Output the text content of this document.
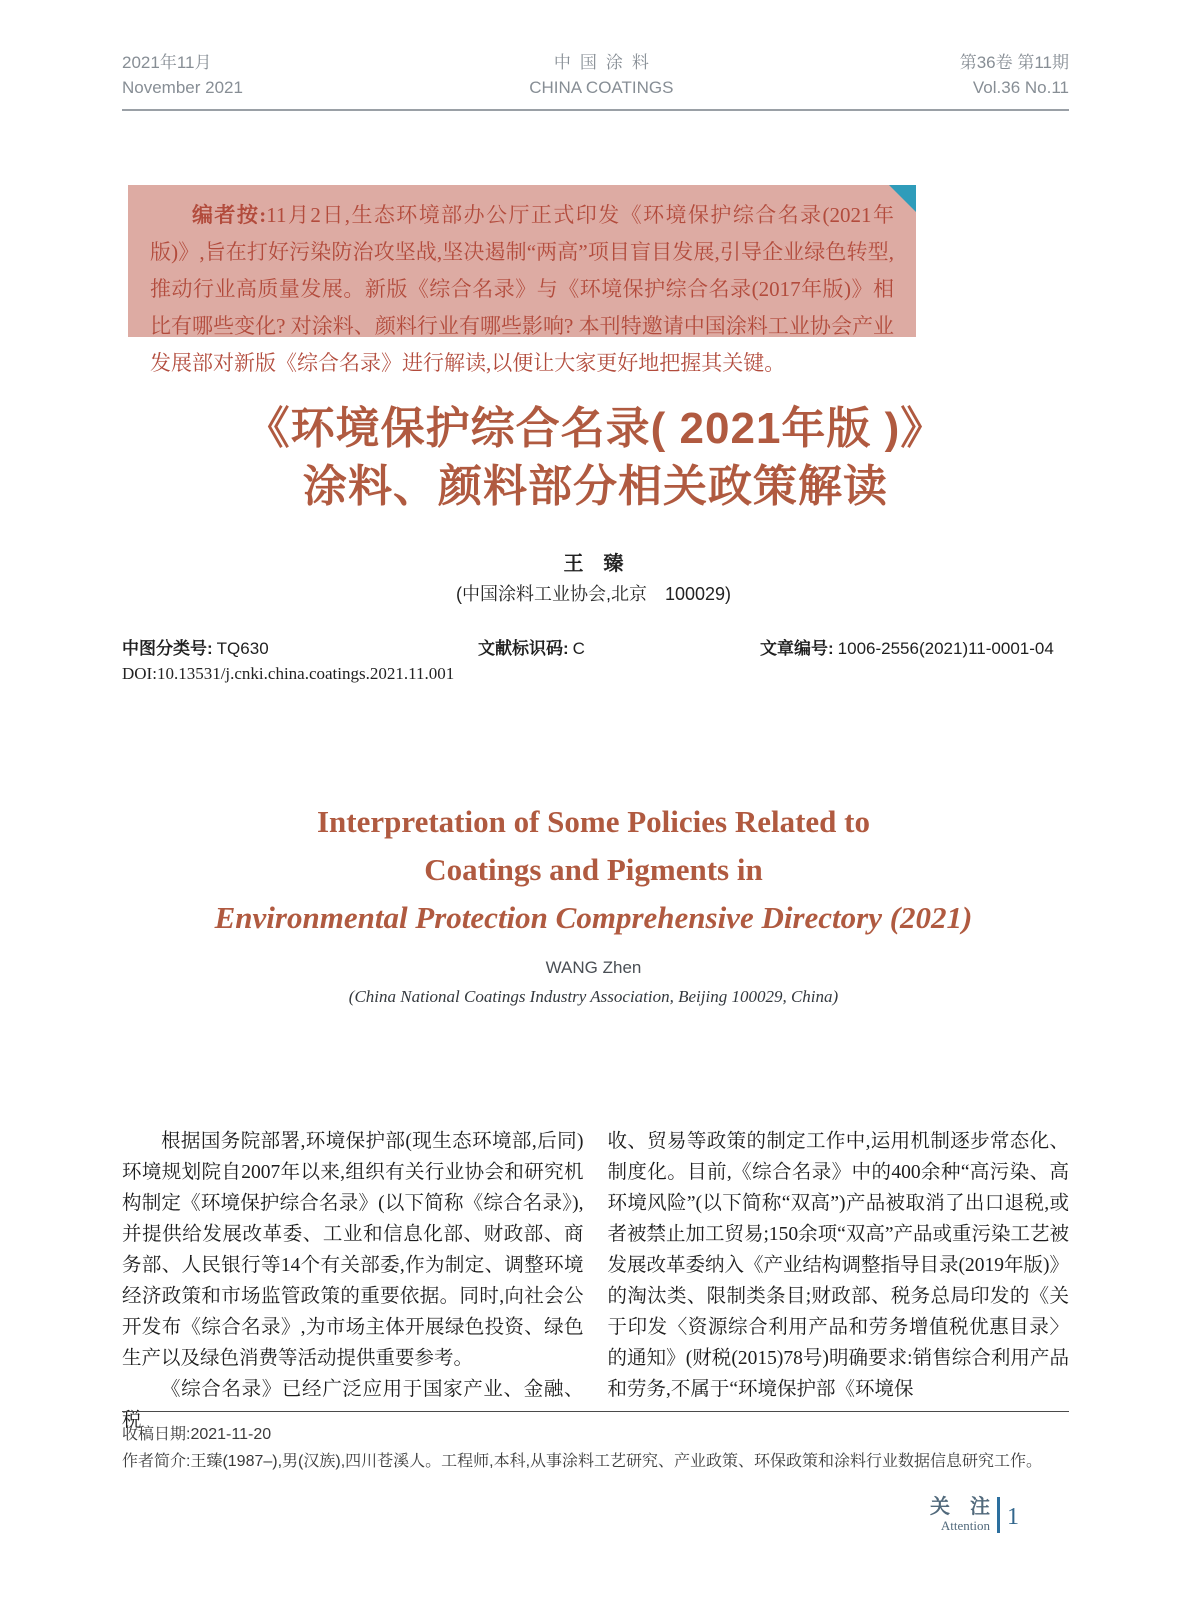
2021年11月
November 2021
中国涂料
CHINA COATINGS
第36卷 第11期
Vol.36 No.11

编者按:11月2日,生态环境部办公厅正式印发《环境保护综合名录(2021年版)》,旨在打好污染防治攻坚战,坚决遏制“两高”项目盲目发展,引导企业绿色转型,推动行业高质量发展。新版《综合名录》与《环境保护综合名录(2017年版)》相比有哪些变化? 对涂料、颜料行业有哪些影响? 本刊特邀请中国涂料工业协会产业发展部对新版《综合名录》进行解读,以便让大家更好地把握其关键。

《环境保护综合名录( 2021年版 )》
涂料、颜料部分相关政策解读
王　臻
(中国涂料工业协会,北京　100029)
中图分类号: TQ630	文献标识码: C	文章编号: 1006-2556(2021)11-0001-04
DOI:10.13531/j.cnki.china.coatings.2021.11.001
Interpretation of Some Policies Related to
Coatings and Pigments in
Environmental Protection Comprehensive Directory (2021)
WANG Zhen
(China National Coatings Industry Association, Beijing 100029, China)

根据国务院部署,环境保护部(现生态环境部,后同)环境规划院自2007年以来,组织有关行业协会和研究机构制定《环境保护综合名录》(以下简称《综合名录》),并提供给发展改革委、工业和信息化部、财政部、商务部、人民银行等14个有关部委,作为制定、调整环境经济政策和市场监管政策的重要依据。同时,向社会公开发布《综合名录》,为市场主体开展绿色投资、绿色生产以及绿色消费等活动提供重要参考。

《综合名录》已经广泛应用于国家产业、金融、税

收、贸易等政策的制定工作中,运用机制逐步常态化、制度化。目前,《综合名录》中的400余种“高污染、高环境风险”(以下简称“双高”)产品被取消了出口退税,或者被禁止加工贸易;150余项“双高”产品或重污染工艺被发展改革委纳入《产业结构调整指导目录(2019年版)》的淘汰类、限制类条目;财政部、税务总局印发的《关于印发〈资源综合利用产品和劳务增值税优惠目录〉的通知》(财税(2015)78号)明确要求:销售综合利用产品和劳务,不属于“环境保护部《环境保

收稿日期:2021-11-20
作者简介:王臻(1987–),男(汉族),四川苍溪人。工程师,本科,从事涂料工艺研究、产业政策、环保政策和涂料行业数据信息研究工作。
关　注
Attention 1
